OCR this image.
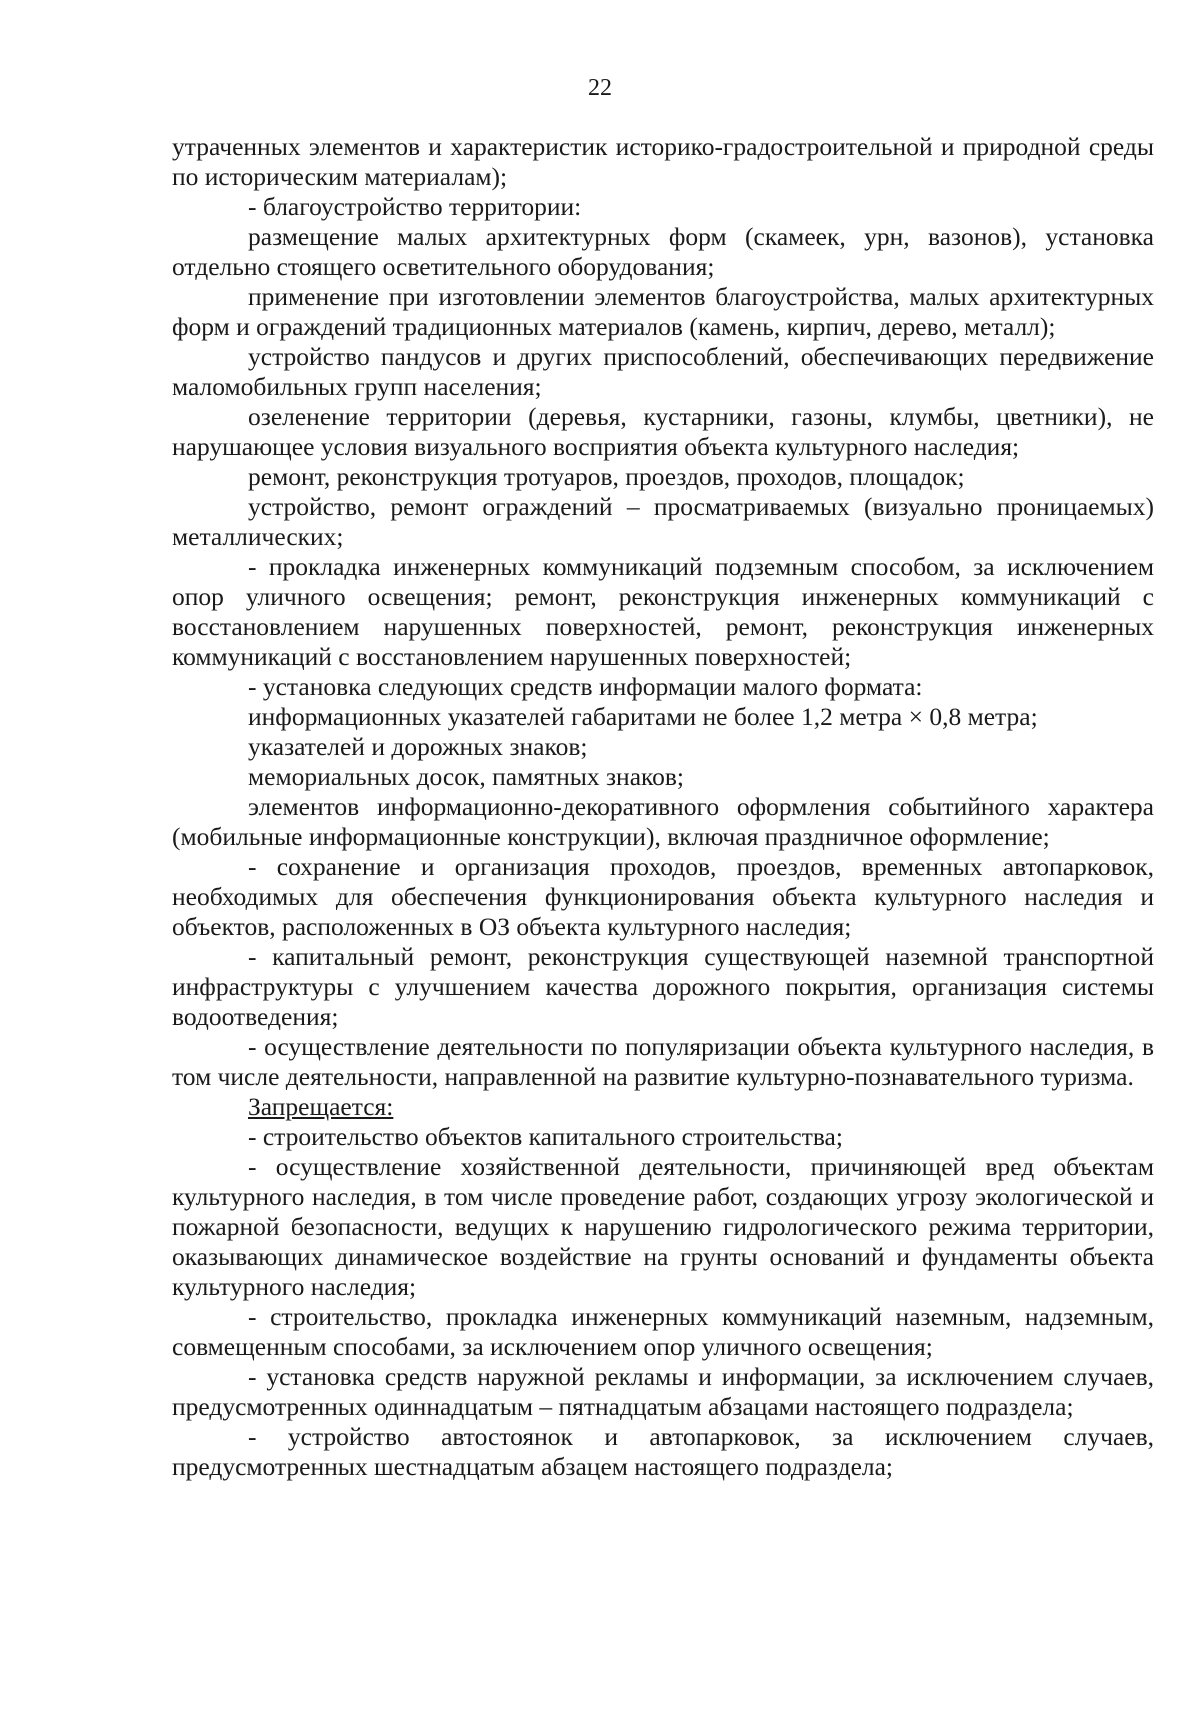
22

утраченных элементов и характеристик историко-градостроительной и природной среды по историческим материалам);

- благоустройство территории:

размещение малых архитектурных форм (скамеек, урн, вазонов), установка отдельно стоящего осветительного оборудования;

применение при изготовлении элементов благоустройства, малых архитектурных форм и ограждений традиционных материалов (камень, кирпич, дерево, металл);

устройство пандусов и других приспособлений, обеспечивающих передвижение маломобильных групп населения;

озеленение территории (деревья, кустарники, газоны, клумбы, цветники), не нарушающее условия визуального восприятия объекта культурного наследия;

ремонт, реконструкция тротуаров, проездов, проходов, площадок;

устройство, ремонт ограждений – просматриваемых (визуально проницаемых) металлических;

- прокладка инженерных коммуникаций подземным способом, за исключением опор уличного освещения; ремонт, реконструкция инженерных коммуникаций с восстановлением нарушенных поверхностей, ремонт, реконструкция инженерных коммуникаций с восстановлением нарушенных поверхностей;

- установка следующих средств информации малого формата:

информационных указателей габаритами не более 1,2 метра × 0,8 метра;

указателей и дорожных знаков;

мемориальных досок, памятных знаков;

элементов информационно-декоративного оформления событийного характера (мобильные информационные конструкции), включая праздничное оформление;

- сохранение и организация проходов, проездов, временных автопарковок, необходимых для обеспечения функционирования объекта культурного наследия и объектов, расположенных в ОЗ объекта культурного наследия;

- капитальный ремонт, реконструкция существующей наземной транспортной инфраструктуры с улучшением качества дорожного покрытия, организация системы водоотведения;

- осуществление деятельности по популяризации объекта культурного наследия, в том числе деятельности, направленной на развитие культурно-познавательного туризма.

Запрещается:

- строительство объектов капитального строительства;

- осуществление хозяйственной деятельности, причиняющей вред объектам культурного наследия, в том числе проведение работ, создающих угрозу экологической и пожарной безопасности, ведущих к нарушению гидрологического режима территории, оказывающих динамическое воздействие на грунты оснований и фундаменты объекта культурного наследия;

- строительство, прокладка инженерных коммуникаций наземным, надземным, совмещенным способами, за исключением опор уличного освещения;

- установка средств наружной рекламы и информации, за исключением случаев, предусмотренных одиннадцатым – пятнадцатым абзацами настоящего подраздела;

- устройство автостоянок и автопарковок, за исключением случаев, предусмотренных шестнадцатым абзацем настоящего подраздела;
